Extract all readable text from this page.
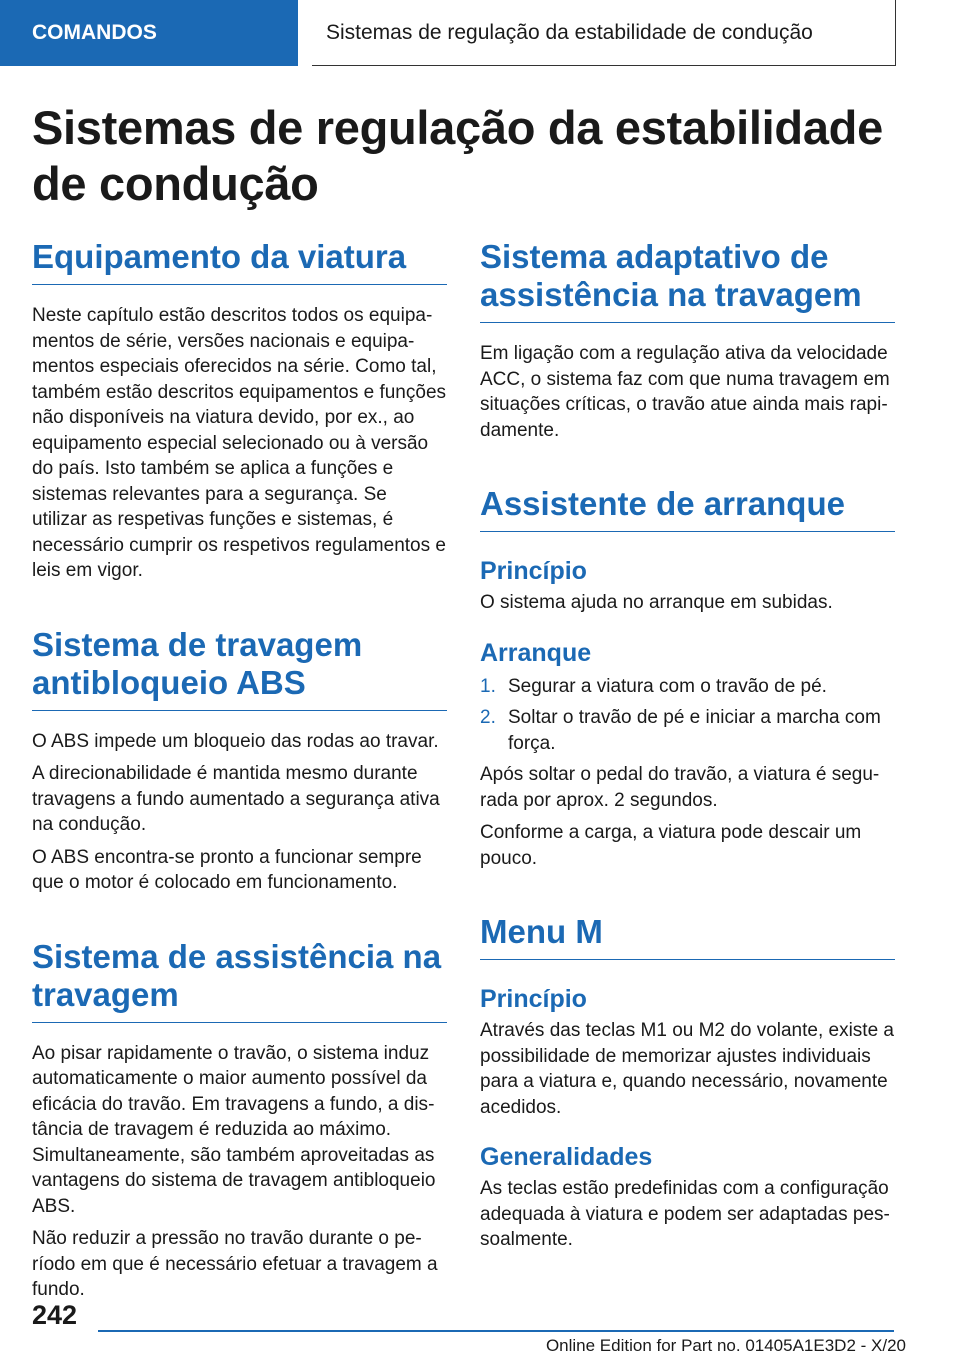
COMANDOS	Sistemas de regulação da estabilidade de condução
Sistemas de regulação da estabilidade de condução
Equipamento da viatura

Neste capítulo estão descritos todos os equipamentos de série, versões nacionais e equipamentos especiais oferecidos na série. Como tal, também estão descritos equipamentos e funções não disponíveis na viatura devido, por ex., ao equipamento especial selecionado ou à versão do país. Isto também se aplica a funções e sistemas relevantes para a segurança. Se utilizar as respetivas funções e sistemas, é necessário cumprir os respetivos regulamentos e leis em vigor.

Sistema de travagem antibloqueio ABS

O ABS impede um bloqueio das rodas ao travar.

A direcionabilidade é mantida mesmo durante travagens a fundo aumentado a segurança ativa na condução.

O ABS encontra-se pronto a funcionar sempre que o motor é colocado em funcionamento.

Sistema de assistência na travagem

Ao pisar rapidamente o travão, o sistema induz automaticamente o maior aumento possível da eficácia do travão. Em travagens a fundo, a distância de travagem é reduzida ao máximo. Simultaneamente, são também aproveitadas as vantagens do sistema de travagem antibloqueio ABS.

Não reduzir a pressão no travão durante o período em que é necessário efetuar a travagem a fundo.

Sistema adaptativo de assistência na travagem

Em ligação com a regulação ativa da velocidade ACC, o sistema faz com que numa travagem em situações críticas, o travão atue ainda mais rapidamente.

Assistente de arranque
Princípio

O sistema ajuda no arranque em subidas.

Arranque
1. Segurar a viatura com o travão de pé.
2. Soltar o travão de pé e iniciar a marcha com força.

Após soltar o pedal do travão, a viatura é segurada por aprox. 2 segundos.

Conforme a carga, a viatura pode descair um pouco.

Menu M
Princípio

Através das teclas M1 ou M2 do volante, existe a possibilidade de memorizar ajustes individuais para a viatura e, quando necessário, novamente acedidos.

Generalidades

As teclas estão predefinidas com a configuração adequada à viatura e podem ser adaptadas pessoalmente.

242
Online Edition for Part no. 01405A1E3D2 - X/20
